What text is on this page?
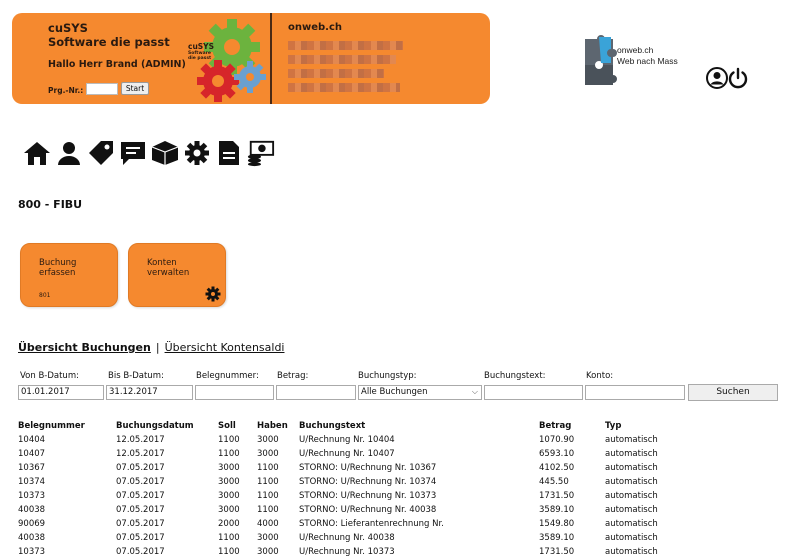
cuSYS
Software die passt
Hallo Herr Brand (ADMIN)
Prg.-Nr.:	Start
cuSYS
Software
die passt
onweb.ch
onweb.ch
Web nach Mass
800 - FIBU
Buchung
erfassen
801
Konten
verwalten
Übersicht Buchungen | Übersicht Kontensaldi
Von B-Datum:
01.01.2017
Bis B-Datum:
31.12.2017
Belegnummer: Betrag:	Buchungstyp:
Alle Buchungen	⌵
Buchungstext:	Konto:
Suchen
Belegnummer	Buchungsdatum	Soll Haben Buchungstext	Betrag	Typ
10404	12.05.2017	1100 3000 U/Rechnung Nr. 10404	1070.90	automatisch
10407	12.05.2017	1100 3000 U/Rechnung Nr. 10407	6593.10	automatisch
10367	07.05.2017	3000 1100 STORNO: U/Rechnung Nr. 10367	4102.50	automatisch
10374	07.05.2017	3000 1100 STORNO: U/Rechnung Nr. 10374	445.50	automatisch
10373	07.05.2017	3000 1100 STORNO: U/Rechnung Nr. 10373	1731.50	automatisch
40038	07.05.2017	3000 1100 STORNO: U/Rechnung Nr. 40038	3589.10	automatisch
90069	07.05.2017	2000 4000 STORNO: Lieferantenrechnung Nr.	1549.80	automatisch
40038	07.05.2017	1100 3000 U/Rechnung Nr. 40038	3589.10	automatisch
10373	07.05.2017	1100 3000 U/Rechnung Nr. 10373	1731.50	automatisch
